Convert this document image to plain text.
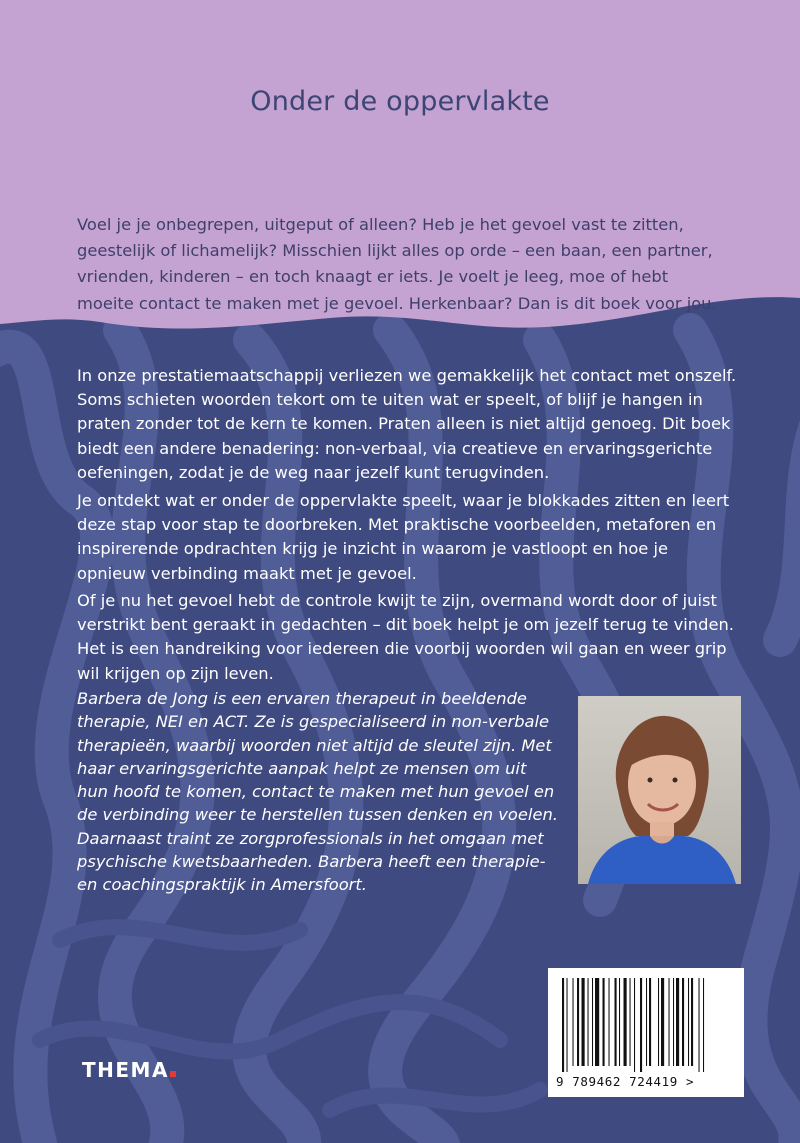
Onder de oppervlakte

Voel je je onbegrepen, uitgeput of alleen? Heb je het gevoel vast te zitten, geestelijk of lichamelijk? Misschien lijkt alles op orde – een baan, een partner, vrienden, kinderen – en toch knaagt er iets. Je voelt je leeg, moe of hebt moeite contact te maken met je gevoel. Herkenbaar? Dan is dit boek voor jou.

In onze prestatiemaatschappij verliezen we gemakkelijk het contact met onszelf. Soms schieten woorden tekort om te uiten wat er speelt, of blijf je hangen in praten zonder tot de kern te komen. Praten alleen is niet altijd genoeg. Dit boek biedt een andere benadering: non-verbaal, via creatieve en ervaringsgerichte oefeningen, zodat je de weg naar jezelf kunt terugvinden.

Je ontdekt wat er onder de oppervlakte speelt, waar je blokkades zitten en leert deze stap voor stap te doorbreken. Met praktische voorbeelden, metaforen en inspirerende opdrachten krijg je inzicht in waarom je vastloopt en hoe je opnieuw verbinding maakt met je gevoel.

Of je nu het gevoel hebt de controle kwijt te zijn, overmand wordt door of juist verstrikt bent geraakt in gedachten – dit boek helpt je om jezelf terug te vinden. Het is een handreiking voor iedereen die voorbij woorden wil gaan en weer grip wil krijgen op zijn leven.

Barbera de Jong is een ervaren therapeut in beeldende therapie, NEI en ACT. Ze is gespecialiseerd in non-verbale therapieën, waarbij woorden niet altijd de sleutel zijn. Met haar ervaringsgerichte aanpak helpt ze mensen om uit hun hoofd te komen, contact te maken met hun gevoel en de verbinding weer te herstellen tussen denken en voelen. Daarnaast traint ze zorgprofessionals in het omgaan met psychische kwetsbaarheden. Barbera heeft een therapie- en coachingspraktijk in Amersfoort.

THEMA	9 789462 724419 >
